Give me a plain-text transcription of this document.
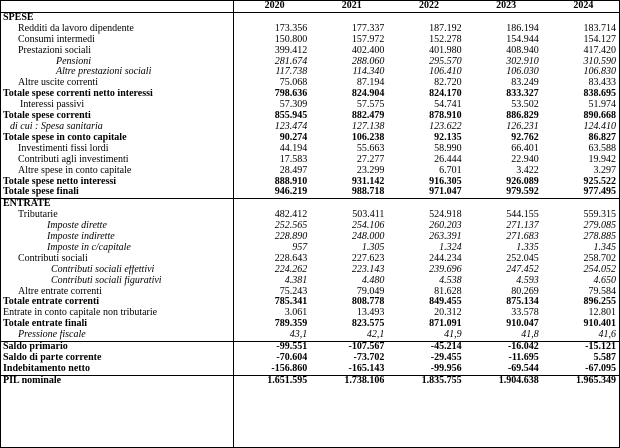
	2020	2021	2022	2023	2024
SPESE					
Redditi da lavoro dipendente	173.356	177.337	187.192	186.194	183.714
Consumi intermedi	150.800	157.972	152.278	154.944	154.127
Prestazioni sociali	399.412	402.400	401.980	408.940	417.420
Pensioni	281.674	288.060	295.570	302.910	310.590
Altre prestazioni sociali	117.738	114.340	106.410	106.030	106.830
Altre uscite correnti	75.068	87.194	82.720	83.249	83.433
Totale spese correnti netto interessi	798.636	824.904	824.170	833.327	838.695
Interessi passivi	57.309	57.575	54.741	53.502	51.974
Totale spese correnti	855.945	882.479	878.910	886.829	890.668
di cui : Spesa sanitaria	123.474	127.138	123.622	126.231	124.410
Totale spese in conto capitale	90.274	106.238	92.135	92.762	86.827
Investimenti fissi lordi	44.194	55.663	58.990	66.401	63.588
Contributi agli investimenti	17.583	27.277	26.444	22.940	19.942
Altre spese in conto capitale	28.497	23.299	6.701	3.422	3.297
Totale spese netto interessi	888.910	931.142	916.305	926.089	925.522
Totale spese finali	946.219	988.718	971.047	979.592	977.495
ENTRATE					
Tributarie	482.412	503.411	524.918	544.155	559.315
Imposte dirette	252.565	254.106	260.203	271.137	279.085
Imposte indirette	228.890	248.000	263.391	271.683	278.885
Imposte in c/capitale	957	1.305	1.324	1.335	1.345
Contributi sociali	228.643	227.623	244.234	252.045	258.702
Contributi sociali effettivi	224.262	223.143	239.696	247.452	254.052
Contributi sociali figurativi	4.381	4.480	4.538	4.593	4.650
Altre entrate correnti	75.243	79.049	81.628	80.269	79.584
Totale entrate correnti	785.341	808.778	849.455	875.134	896.255
Entrate in conto capitale non tributarie	3.061	13.493	20.312	33.578	12.801
Totale entrate finali	789.359	823.575	871.091	910.047	910.401
Pressione fiscale	43,1	42,1	41,9	41,8	41,6
Saldo primario	-99.551	-107.567	-45.214	-16.042	-15.121
Saldo di parte corrente	-70.604	-73.702	-29.455	-11.695	5.587
Indebitamento netto	-156.860	-165.143	-99.956	-69.544	-67.095
PIL nominale	1.651.595	1.738.106	1.835.755	1.904.638	1.965.349
